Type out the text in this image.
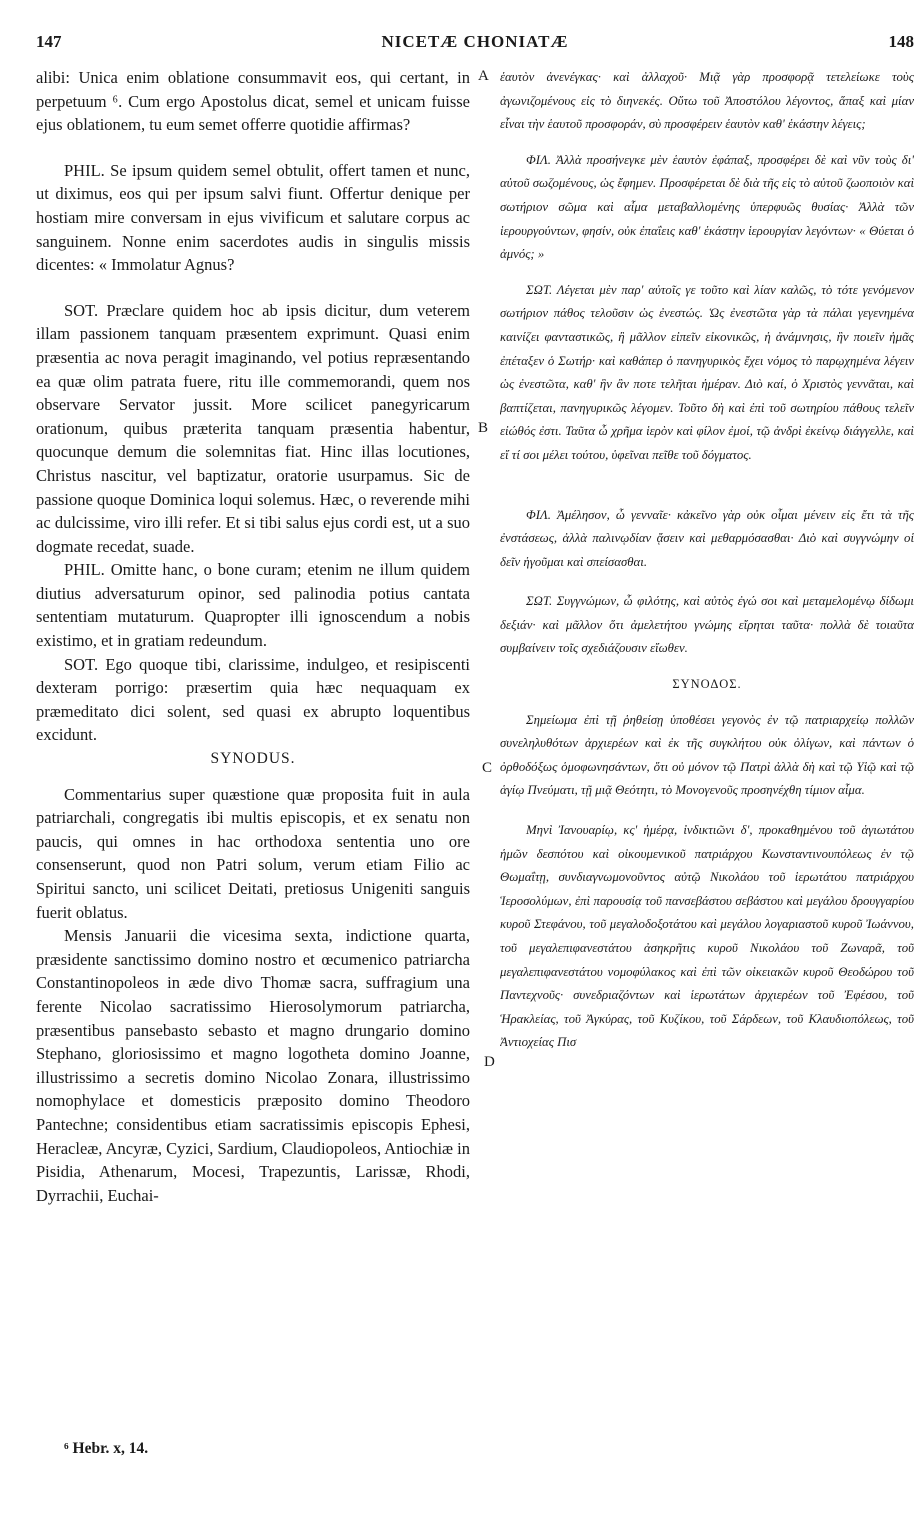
147	NICETÆ CHONIATÆ	148

alibi: Unica enim oblatione consummavit eos, qui certant, in perpetuum ⁶. Cum ergo Apostolus dicat, semel et unicam fuisse ejus oblationem, tu eum semet offerre quotidie affirmas?

PHIL. Se ipsum quidem semel obtulit, offert tamen et nunc, ut diximus, eos qui per ipsum salvi fiunt. Offertur denique per hostiam mire conversam in ejus vivificum et salutare corpus ac sanguinem. Nonne enim sacerdotes audis in singulis missis dicentes: « Immolatur Agnus?

SOT. Præclare quidem hoc ab ipsis dicitur, dum veterem illam passionem tanquam præsentem exprimunt. Quasi enim præsentia ac nova peragit imaginando, vel potius repræsentando ea quæ olim patrata fuere, ritu ille commemorandi, quem nos observare Servator jussit. More scilicet panegyricarum orationum, quibus præterita tanquam præsentia habentur, quocunque demum die solemnitas fiat. Hinc illas locutiones, Christus nascitur, vel baptizatur, oratorie usurpamus. Sic de passione quoque Dominica loqui solemus. Hæc, o reverende mihi ac dulcissime, viro illi refer. Et si tibi salus ejus cordi est, ut a suo dogmate recedat, suade.

PHIL. Omitte hanc, o bone curam; etenim ne illum quidem diutius adversaturum opinor, sed palinodia potius cantata sententiam mutaturum. Quapropter illi ignoscendum a nobis existimo, et in gratiam redeundum.

SOT. Ego quoque tibi, clarissime, indulgeo, et resipiscenti dexteram porrigo: præsertim quia hæc nequaquam ex præmeditato dici solent, sed quasi ex abrupto loquentibus excidunt.

SYNODUS.

Commentarius super quæstione quæ proposita fuit in aula patriarchali, congregatis ibi multis episcopis, et ex senatu non paucis, qui omnes in hac orthodoxa sententia uno ore consenserunt, quod non Patri solum, verum etiam Filio ac Spiritui sancto, uni scilicet Deitati, pretiosus Unigeniti sanguis fuerit oblatus.

Mensis Januarii die vicesima sexta, indictione quarta, præsidente sanctissimo domino nostro et œcumenico patriarcha Constantinopoleos in æde divo Thomæ sacra, suffragium una ferente Nicolao sacratissimo Hierosolymorum patriarcha, præsentibus pansebasto sebasto et magno drungario domino Stephano, gloriosissimo et magno logotheta domino Joanne, illustrissimo a secretis domino Nicolao Zonara, illustrissimo nomophylace et domesticis præposito domino Theodoro Pantechne; considentibus etiam sacratissimis episcopis Ephesi, Heracleæ, Ancyræ, Cyzici, Sardium, Claudiopoleos, Antiochiæ in Pisidia, Athenarum, Mocesi, Trapezuntis, Larissæ, Rhodi, Dyrrachii, Euchai-

ἑαυτὸν ἀνενέγκας· καὶ ἀλλαχοῦ· Μιᾷ γὰρ προσφορᾷ τετελείωκε τοὺς ἀγωνιζομένους εἰς τὸ διηνεκές. Οὕτω τοῦ Ἀποστόλου λέγοντος, ἅπαξ καὶ μίαν εἶναι τὴν ἑαυτοῦ προσφοράν, σὺ προσφέρειν ἑαυτὸν καθ' ἑκάστην λέγεις;

ΦΙΛ. Ἀλλὰ προσήνεγκε μὲν ἑαυτὸν ἐφάπαξ, προσφέρει δὲ καὶ νῦν τοὺς δι' αὐτοῦ σωζομένους, ὡς ἔφημεν. Προσφέρεται δὲ διὰ τῆς εἰς τὸ αὐτοῦ ζωοποιὸν καὶ σωτήριον σῶμα καὶ αἷμα μεταβαλλομένης ὑπερφυῶς θυσίας· Ἀλλὰ τῶν ἱερουργούντων, φησίν, οὐκ ἐπαΐεις καθ' ἑκάστην ἱερουργίαν λεγόντων· « Θύεται ὁ ἀμνός; »

ΣΩΤ. Λέγεται μὲν παρ' αὐτοῖς γε τοῦτο καὶ λίαν καλῶς, τὸ τότε γενόμενον σωτήριον πάθος τελοῦσιν ὡς ἐνεστώς. Ὡς ἐνεστῶτα γὰρ τὰ πάλαι γεγενημένα καινίζει φανταστικῶς, ἢ μᾶλλον εἰπεῖν εἰκονικῶς, ἡ ἀνάμνησις, ἣν ποιεῖν ἡμᾶς ἐπέταξεν ὁ Σωτήρ· καὶ καθάπερ ὁ πανηγυρικὸς ἔχει νόμος τὸ παρῳχημένα λέγειν ὡς ἐνεστῶτα, καθ' ἣν ἂν ποτε τελῆται ἡμέραν. Διὸ καί, ὁ Χριστὸς γεννᾶται, καὶ βαπτίζεται, πανηγυρικῶς λέγομεν. Τοῦτο δὴ καὶ ἐπὶ τοῦ σωτηρίου πάθους τελεῖν εἰώθός ἐστι. Ταῦτα ὦ χρῆμα ἱερὸν καὶ φίλον ἐμοί, τῷ ἀνδρὶ ἐκείνῳ διάγγελλε, καὶ εἴ τί σοι μέλει τούτου, ὑφεῖναι πεῖθε τοῦ δόγματος.

ΦΙΛ. Ἀμέλησον, ὦ γενναῖε· κἀκεῖνο γὰρ οὐκ οἶμαι μένειν εἰς ἔτι τὰ τῆς ἐνστάσεως, ἀλλὰ παλινῳδίαν ᾄσειν καὶ μεθαρμόσασθαι· Διὸ καὶ συγγνώμην οἱ δεῖν ἡγοῦμαι καὶ σπείσασθαι.

ΣΩΤ. Συγγνώμων, ὦ φιλότης, καὶ αὐτὸς ἐγώ σοι καὶ μεταμελομένῳ δίδωμι δεξιάν· καὶ μᾶλλον ὅτι ἀμελετήτου γνώμης εἴρηται ταῦτα· πολλὰ δὲ τοιαῦτα συμβαίνειν τοῖς σχεδιάζουσιν εἴωθεν.

ΣΥΝΟΔΟΣ.

Σημείωμα ἐπὶ τῇ ῥηθείσῃ ὑποθέσει γεγονὸς ἐν τῷ πατριαρχείῳ πολλῶν συνεληλυθότων ἀρχιερέων καὶ ἐκ τῆς συγκλήτου οὐκ ὀλίγων, καὶ πάντων ὁ ὀρθοδόξως ὁμοφωνησάντων, ὅτι οὐ μόνον τῷ Πατρὶ ἀλλὰ δὴ καὶ τῷ Υἱῷ καὶ τῷ ἁγίῳ Πνεύματι, τῇ μιᾷ Θεότητι, τὸ Μονογενοῦς προσηνέχθη τίμιον αἷμα.

Μηνὶ Ἰανουαρίῳ, κς' ἡμέρᾳ, ἰνδικτιῶνι δ', προκαθημένου τοῦ ἁγιωτάτου ἡμῶν δεσπότου καὶ οἰκουμενικοῦ πατριάρχου Κωνσταντινουπόλεως ἐν τῷ Θωμαΐτῃ, συνδιαγνωμονοῦντος αὐτῷ Νικολάου τοῦ ἱερωτάτου πατριάρχου Ἱεροσολύμων, ἐπὶ παρουσίᾳ τοῦ πανσεβάστου σεβάστου καὶ μεγάλου δρουγγαρίου κυροῦ Στεφάνου, τοῦ μεγαλοδοξοτάτου καὶ μεγάλου λογαριαστοῦ κυροῦ Ἰωάννου, τοῦ μεγαλεπιφανεστάτου ἀσηκρῆτις κυροῦ Νικολάου τοῦ Ζωναρᾶ, τοῦ μεγαλεπιφανεστάτου νομοφύλακος καὶ ἐπὶ τῶν οἰκειακῶν κυροῦ Θεοδώρου τοῦ Παντεχνοῦς· συνεδριαζόντων καὶ ἱερωτάτων ἀρχιερέων τοῦ Ἐφέσου, τοῦ Ἡρακλείας, τοῦ Ἀγκύρας, τοῦ Κυζίκου, τοῦ Σάρδεων, τοῦ Κλαυδιοπόλεως, τοῦ Ἀντιοχείας Πισ

A
B
C
D
⁶ Hebr. x, 14.
